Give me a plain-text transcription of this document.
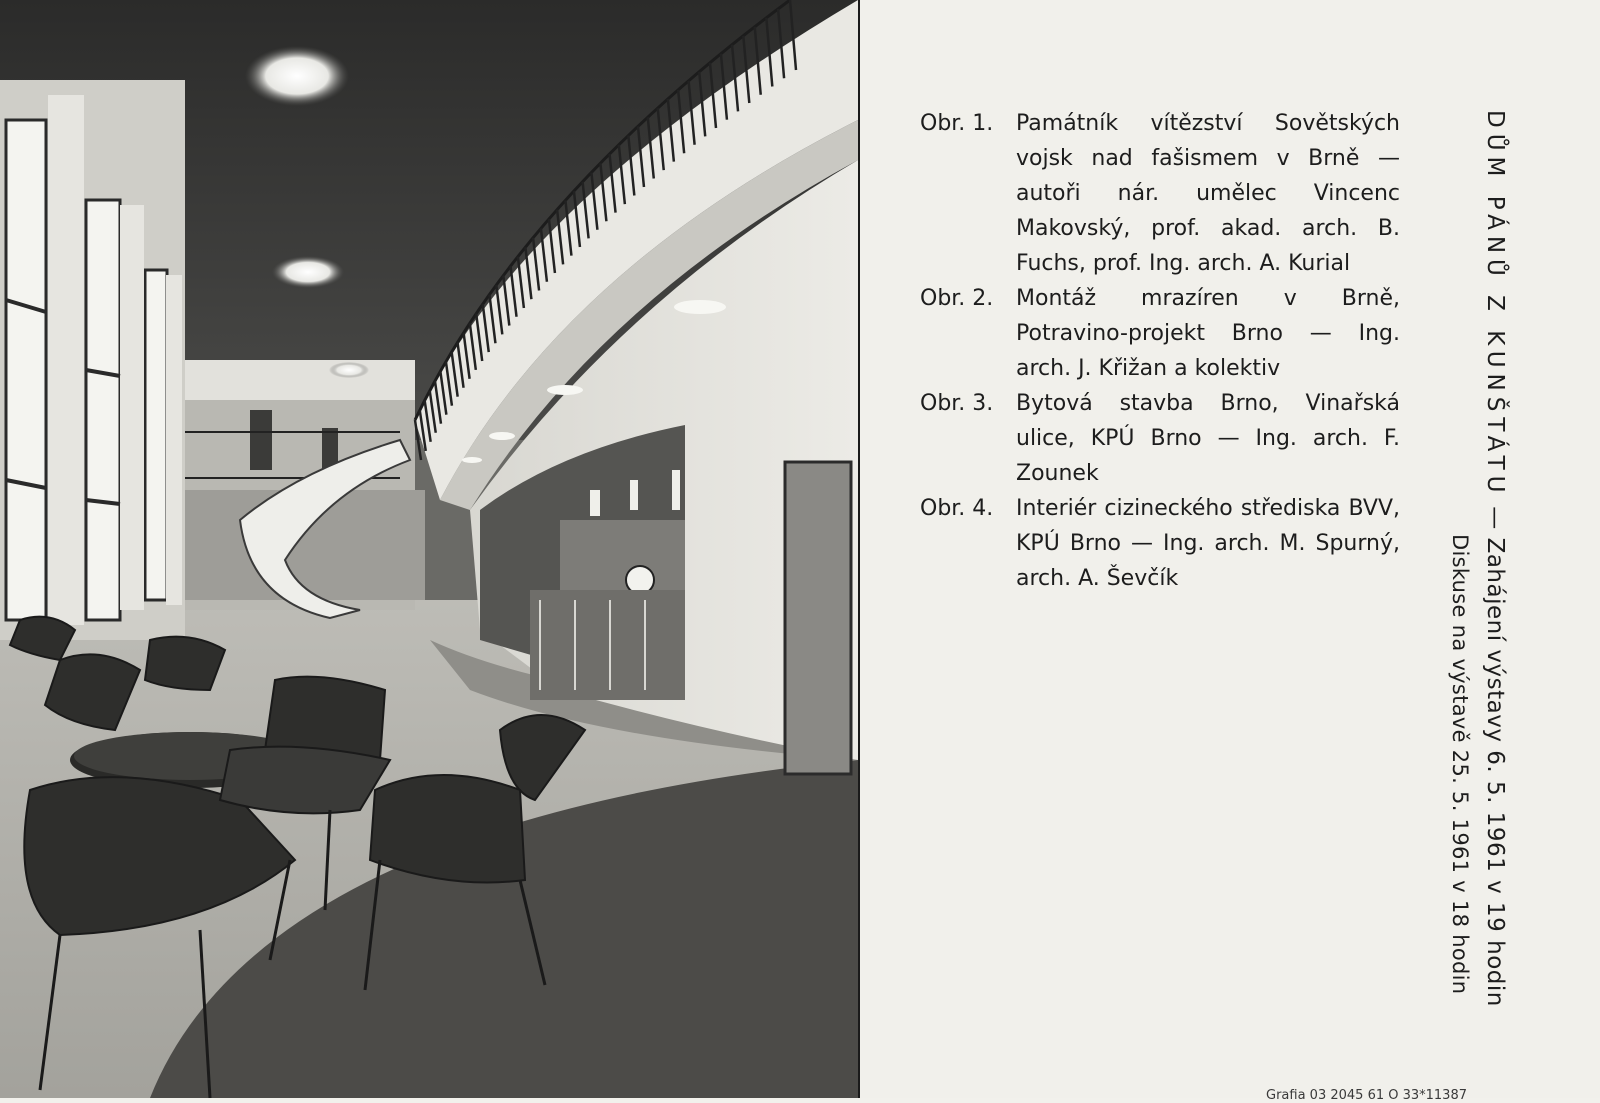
Obr. 1.	Památník vítězství Sovětských vojsk nad fašismem v Brně — autoři nár. umělec Vincenc Makovský, prof. akad. arch. B. Fuchs, prof. Ing. arch. A. Kurial
Obr. 2.	Montáž mrazíren v Brně, Potravino-projekt Brno — Ing. arch. J. Křižan a kolektiv
Obr. 3.	Bytová stavba Brno, Vinařská ulice, KPÚ Brno — Ing. arch. F. Zounek
Obr. 4.	Interiér cizineckého střediska BVV, KPÚ Brno — Ing. arch. M. Spurný, arch. A. Ševčík
DŮM PÁNŮ Z KUNŠTÁTU — Zahájení výstavy 6. 5. 1961 v 19 hodin
Diskuse na výstavě 25. 5. 1961 v 18 hodin
Grafia 03 2045 61 O 33*11387
